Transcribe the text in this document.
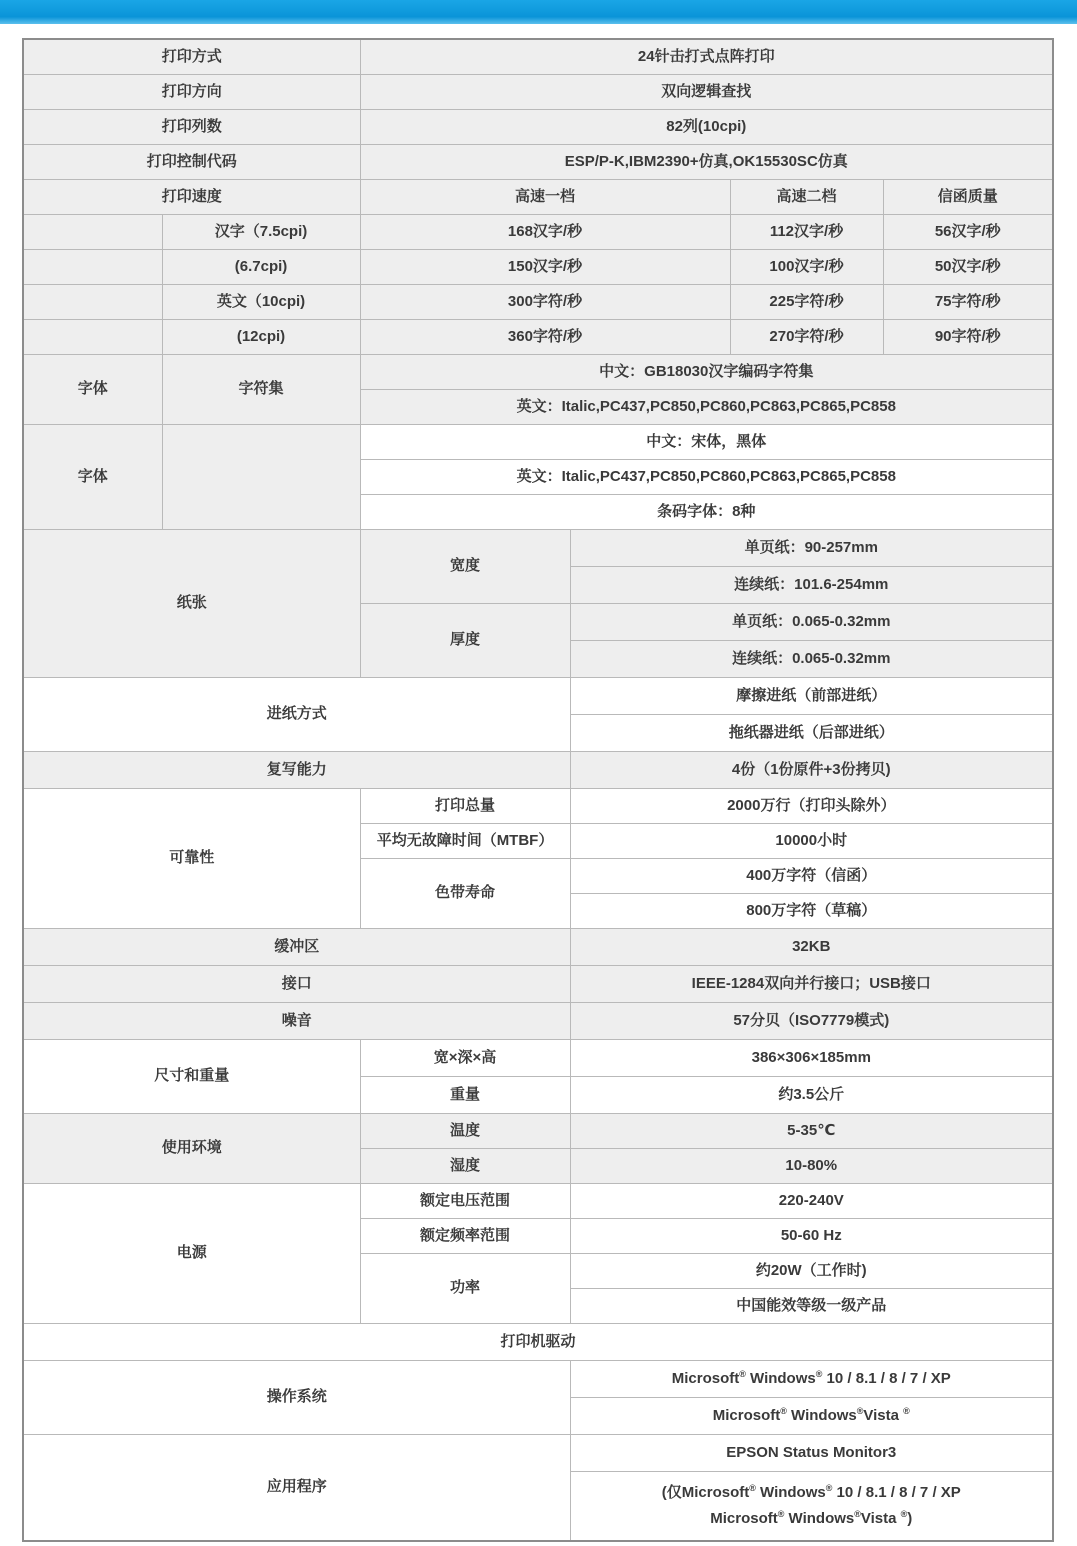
打印方式		24针击打式点阵打印			
打印方向		双向逻辑查找			
打印列数		82列(10cpi)			
打印控制代码		ESP/P-K,IBM2390+仿真,OK15530SC仿真			
打印速度		高速一档		高速二档	信函质量
	汉字（7.5cpi)	168汉字/秒		112汉字/秒	56汉字/秒
	(6.7cpi)	150汉字/秒		100汉字/秒	50汉字/秒
	英文（10cpi)	300字符/秒		225字符/秒	75字符/秒
	(12cpi)	360字符/秒		270字符/秒	90字符/秒
字体	字符集	中文：GB18030汉字编码字符集			
		英文：Italic,PC437,PC850,PC860,PC863,PC865,PC858			
字体		中文：宋体，黑体			
		英文：Italic,PC437,PC850,PC860,PC863,PC865,PC858			
		条码字体：8种			
纸张		宽度	单页纸：90-257mm		
			连续纸：101.6-254mm		
		厚度	单页纸：0.065-0.32mm		
			连续纸：0.065-0.32mm		
进纸方式			摩擦进纸（前部进纸）		
			拖纸器进纸（后部进纸）		
复写能力			4份（1份原件+3份拷贝)		
可靠性		打印总量	2000万行（打印头除外）		
		平均无故障时间（MTBF）	10000小时		
		色带寿命	400万字符（信函）		
			800万字符（草稿）		
缓冲区			32KB		
接口			IEEE-1284双向并行接口；USB接口		
噪音			57分贝（ISO7779模式)		
尺寸和重量		宽×深×高	386×306×185mm		
		重量	约3.5公斤		
使用环境		温度	5-35℃		
		湿度	10-80%		
电源		额定电压范围	220-240V		
		额定频率范围	50-60 Hz		
		功率	约20W（工作时)		
			中国能效等级一级产品		
打印机驱动					
操作系统			Microsoft® Windows® 10 / 8.1 / 8 / 7 / XP		
			Microsoft® Windows®Vista ®
应用程序			EPSON Status Monitor3		
			(仅Microsoft® Windows® 10 / 8.1 / 8 / 7 / XP
Microsoft® Windows®Vista ®)		
